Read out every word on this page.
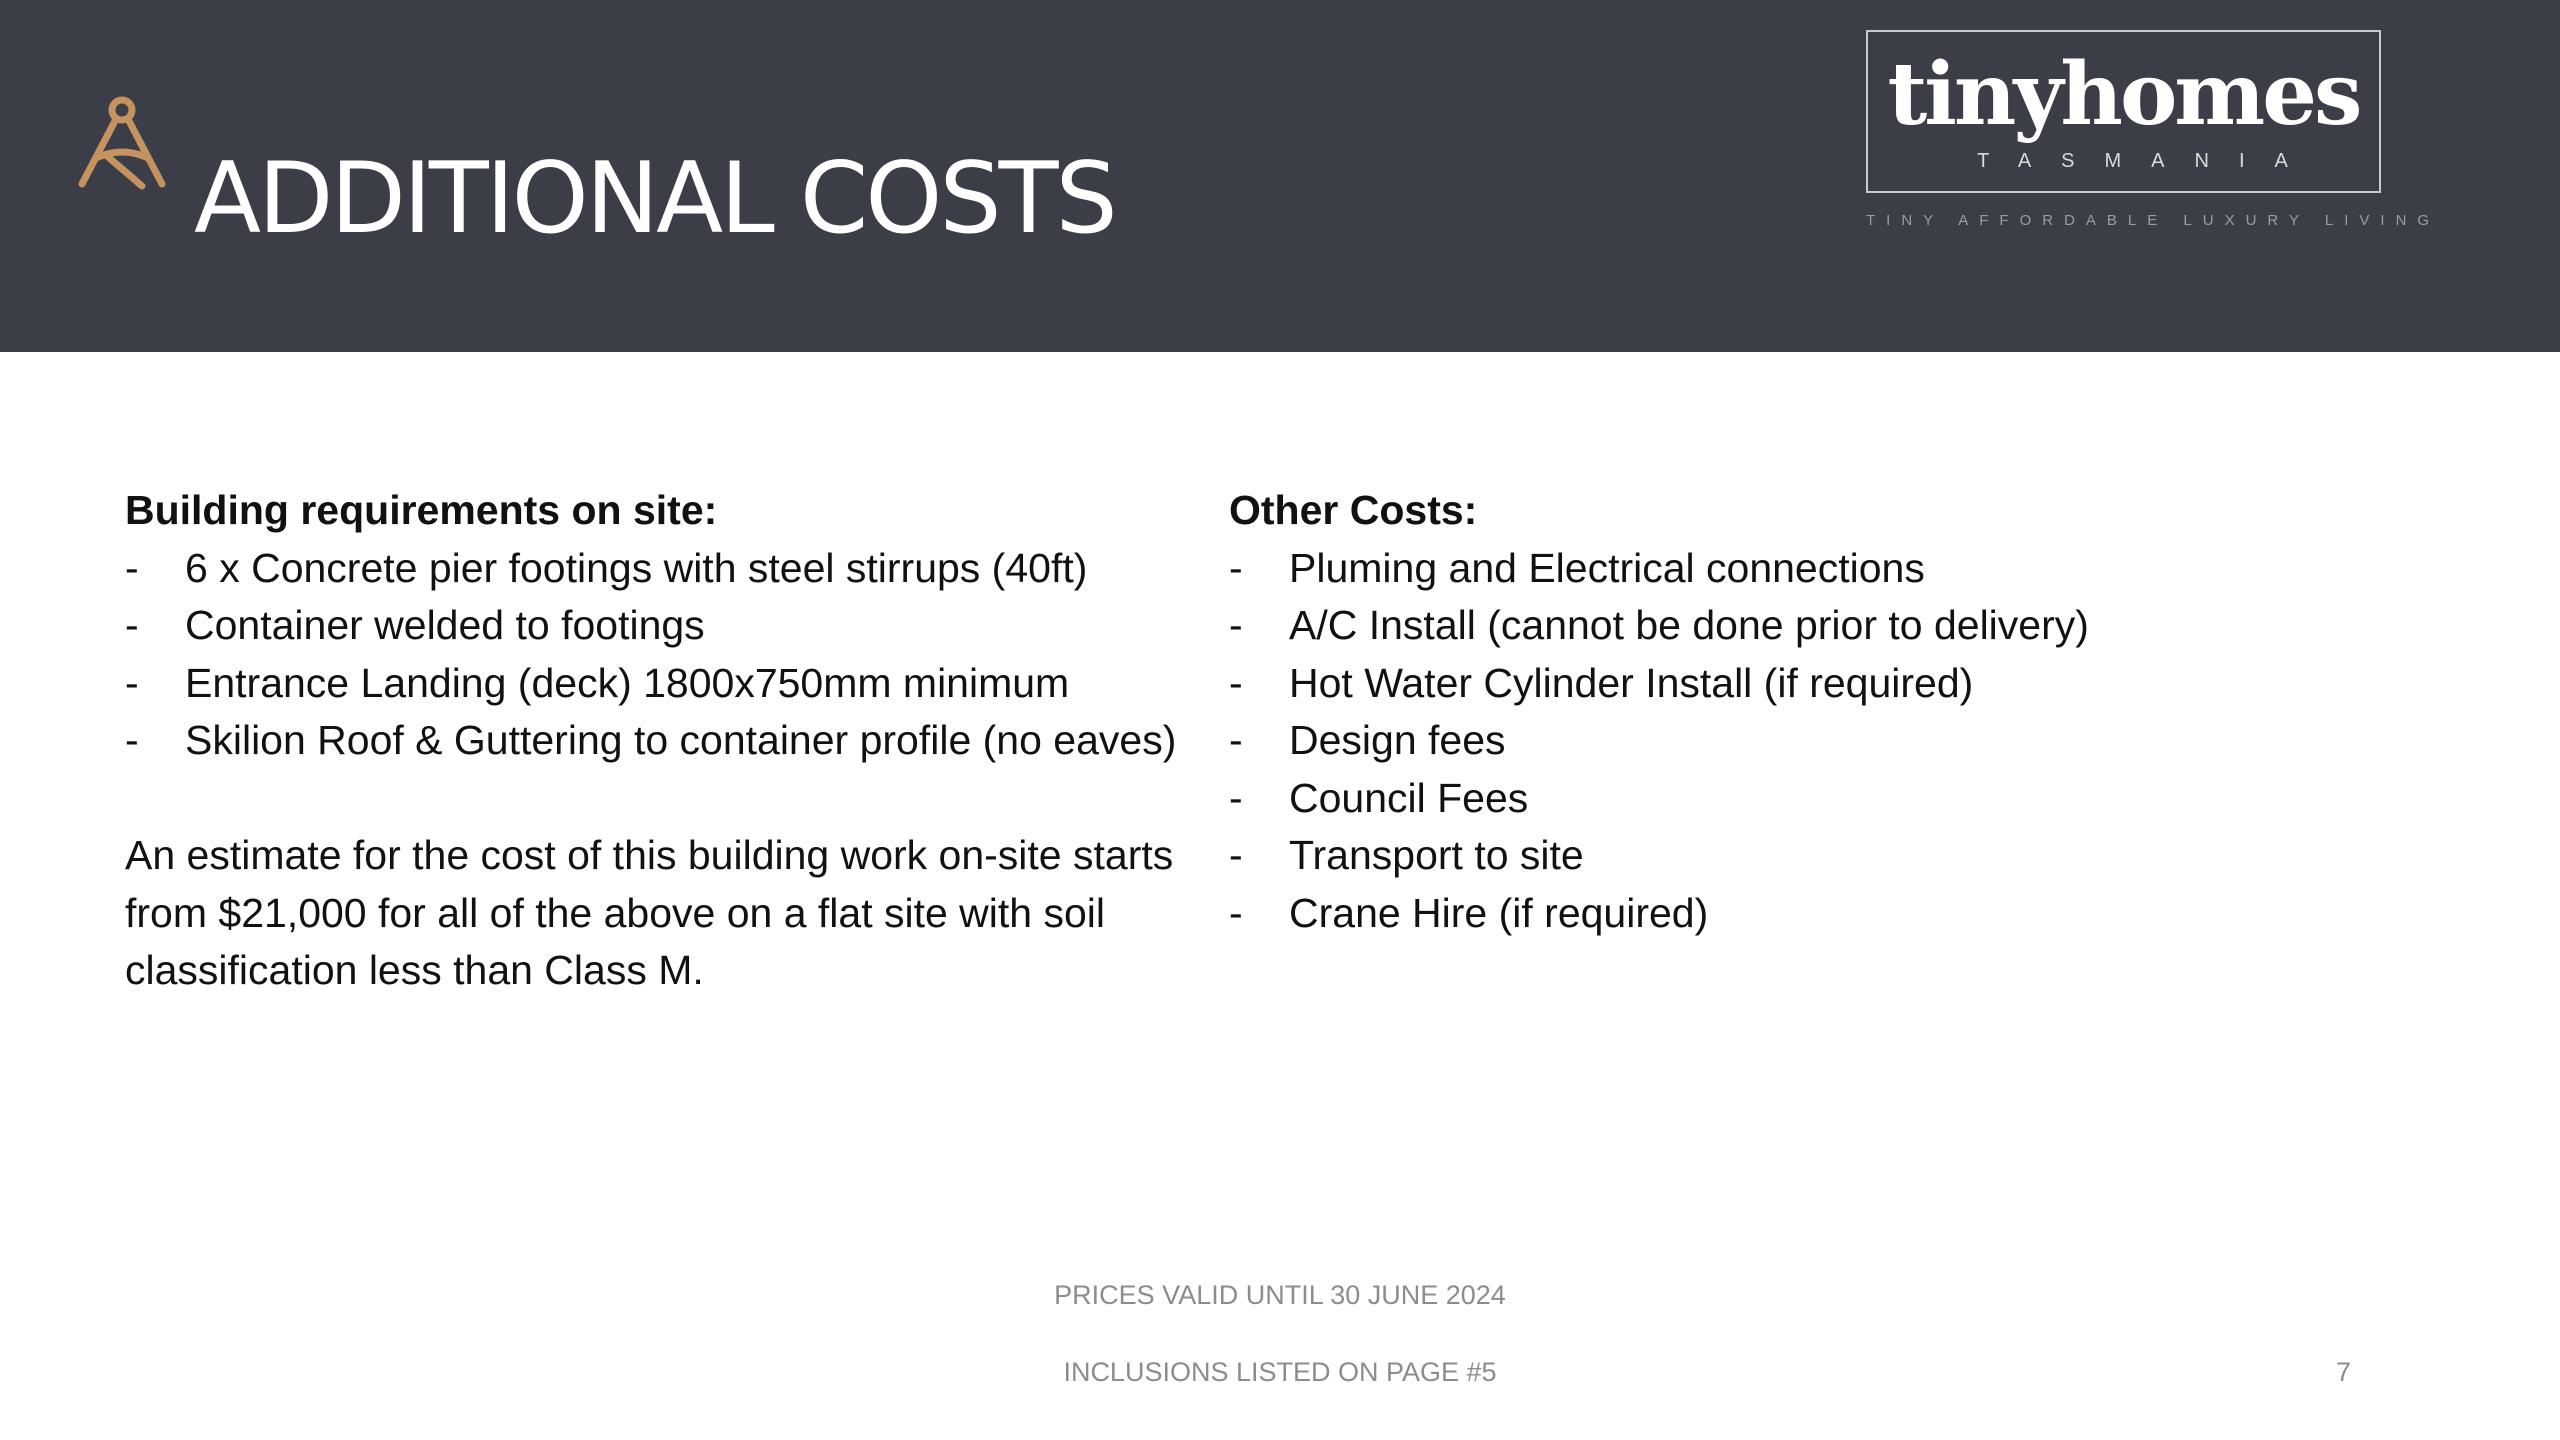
ADDITIONAL COSTS
tinyhomes
TASMANIA
TINY AFFORDABLE LUXURY LIVING
Building requirements on site:
- 6 x Concrete pier footings with steel stirrups (40ft)
- Container welded to footings
- Entrance Landing (deck) 1800x750mm minimum
- Skilion Roof & Guttering to container profile (no eaves)

An estimate for the cost of this building work on-site starts from $21,000 for all of the above on a flat site with soil classification less than Class M.

Other Costs:
- Pluming and Electrical connections
- A/C Install (cannot be done prior to delivery)
- Hot Water Cylinder Install (if required)
- Design fees
- Council Fees
- Transport to site
- Crane Hire (if required)
PRICES VALID UNTIL 30 JUNE 2024
INCLUSIONS LISTED ON PAGE #5	7
